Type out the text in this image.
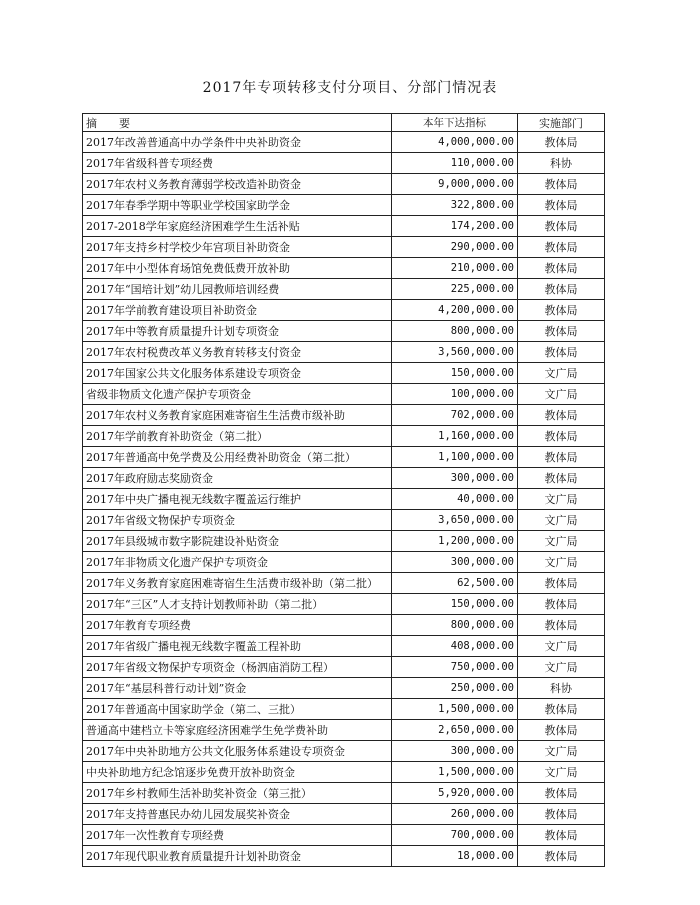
2017年专项转移支付分项目、分部门情况表
摘　　要	本年下达指标	实施部门
2017年改善普通高中办学条件中央补助资金	4,000,000.00	教体局
2017年省级科普专项经费	110,000.00	科协
2017年农村义务教育薄弱学校改造补助资金	9,000,000.00	教体局
2017年春季学期中等职业学校国家助学金	322,800.00	教体局
2017-2018学年家庭经济困难学生生活补贴	174,200.00	教体局
2017年支持乡村学校少年宫项目补助资金	290,000.00	教体局
2017年中小型体育场馆免费低费开放补助	210,000.00	教体局
2017年“国培计划”幼儿园教师培训经费	225,000.00	教体局
2017年学前教育建设项目补助资金	4,200,000.00	教体局
2017年中等教育质量提升计划专项资金	800,000.00	教体局
2017年农村税费改革义务教育转移支付资金	3,560,000.00	教体局
2017年国家公共文化服务体系建设专项资金	150,000.00	文广局
省级非物质文化遗产保护专项资金	100,000.00	文广局
2017年农村义务教育家庭困难寄宿生生活费市级补助	702,000.00	教体局
2017年学前教育补助资金（第二批）	1,160,000.00	教体局
2017年普通高中免学费及公用经费补助资金（第二批）	1,100,000.00	教体局
2017年政府励志奖励资金	300,000.00	教体局
2017年中央广播电视无线数字覆盖运行维护	40,000.00	文广局
2017年省级文物保护专项资金	3,650,000.00	文广局
2017年县级城市数字影院建设补贴资金	1,200,000.00	文广局
2017年非物质文化遗产保护专项资金	300,000.00	文广局
2017年义务教育家庭困难寄宿生生活费市级补助（第二批）	62,500.00	教体局
2017年“三区”人才支持计划教师补助（第二批）	150,000.00	教体局
2017年教育专项经费	800,000.00	教体局
2017年省级广播电视无线数字覆盖工程补助	408,000.00	文广局
2017年省级文物保护专项资金（杨泗庙消防工程）	750,000.00	文广局
2017年“基层科普行动计划”资金	250,000.00	科协
2017年普通高中国家助学金（第二、三批）	1,500,000.00	教体局
普通高中建档立卡等家庭经济困难学生免学费补助	2,650,000.00	教体局
2017年中央补助地方公共文化服务体系建设专项资金	300,000.00	文广局
中央补助地方纪念馆逐步免费开放补助资金	1,500,000.00	文广局
2017年乡村教师生活补助奖补资金（第三批）	5,920,000.00	教体局
2017年支持普惠民办幼儿园发展奖补资金	260,000.00	教体局
2017年一次性教育专项经费	700,000.00	教体局
2017年现代职业教育质量提升计划补助资金	18,000.00	教体局
